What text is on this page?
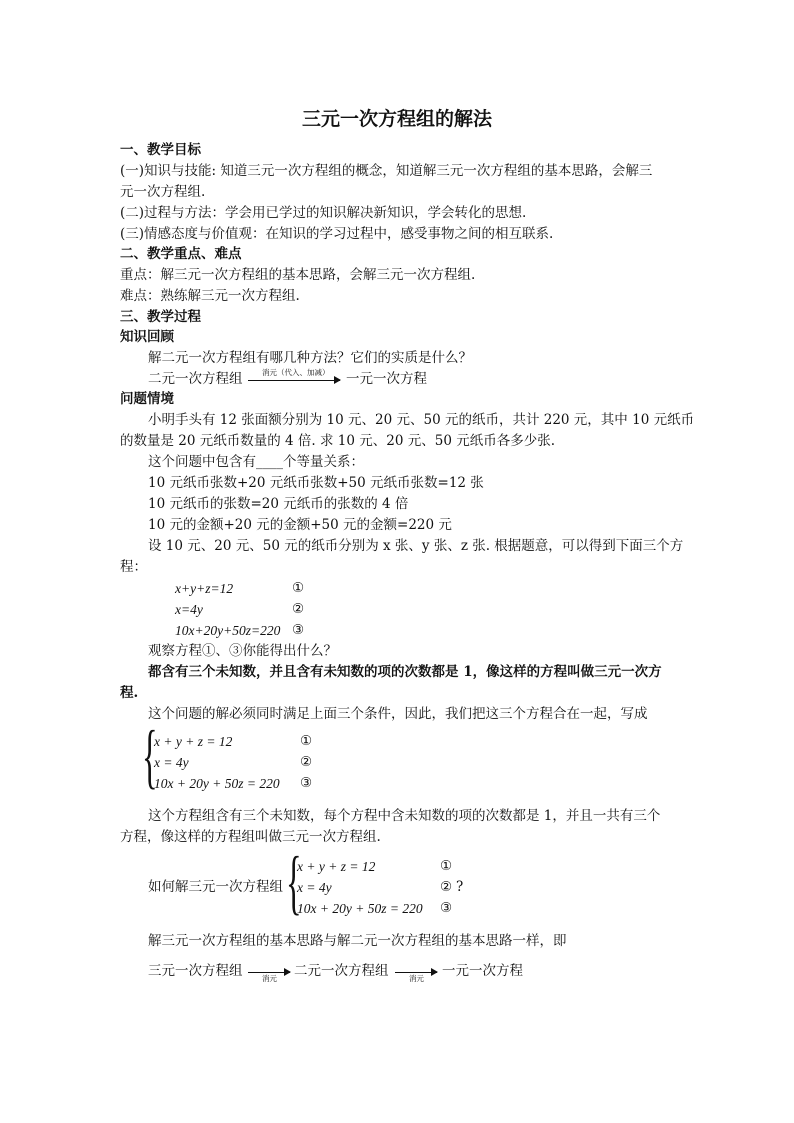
三元一次方程组的解法
一、教学目标
(一)知识与技能: 知道三元一次方程组的概念，知道解三元一次方程组的基本思路，会解三
元一次方程组.
(二)过程与方法：学会用已学过的知识解决新知识，学会转化的思想.
(三)情感态度与价值观：在知识的学习过程中，感受事物之间的相互联系.
二、教学重点、难点
重点：解三元一次方程组的基本思路，会解三元一次方程组.
难点：熟练解三元一次方程组.
三、教学过程
知识回顾
解二元一次方程组有哪几种方法？它们的实质是什么？
二元一次方程组	消元（代入、加减） 一元一次方程
问题情境
小明手头有 12 张面额分别为 10 元、20 元、50 元的纸币，共计 220 元，其中 10 元纸币
的数量是 20 元纸币数量的 4 倍. 求 10 元、20 元、50 元纸币各多少张.
这个问题中包含有____个等量关系：
10 元纸币张数+20 元纸币张数+50 元纸币张数=12 张
10 元纸币的张数=20 元纸币的张数的 4 倍
10 元的金额+20 元的金额+50 元的金额=220 元
设 10 元、20 元、50 元的纸币分别为 x 张、y 张、z 张. 根据题意，可以得到下面三个方
程：
x+y+z=12	①
x=4y	②
10x+20y+50z=220 ③
观察方程①、③你能得出什么？
都含有三个未知数，并且含有未知数的项的次数都是 1，像这样的方程叫做三元一次方
程.
这个问题的解必须同时满足上面三个条件，因此，我们把这三个方程合在一起，写成
{
x + y + z = 12	①
x = 4y	②
10x + 20y + 50z = 220 ③
这个方程组含有三个未知数，每个方程中含未知数的项的次数都是 1，并且一共有三个
方程，像这样的方程组叫做三元一次方程组.
如何解三元一次方程组 {
x + y + z = 12	①
x = 4y	② ?
10x + 20y + 50z = 220 ③
解三元一次方程组的基本思路与解二元一次方程组的基本思路一样，即
三元一次方程组	消元 二元一次方程组	消元 一元一次方程
